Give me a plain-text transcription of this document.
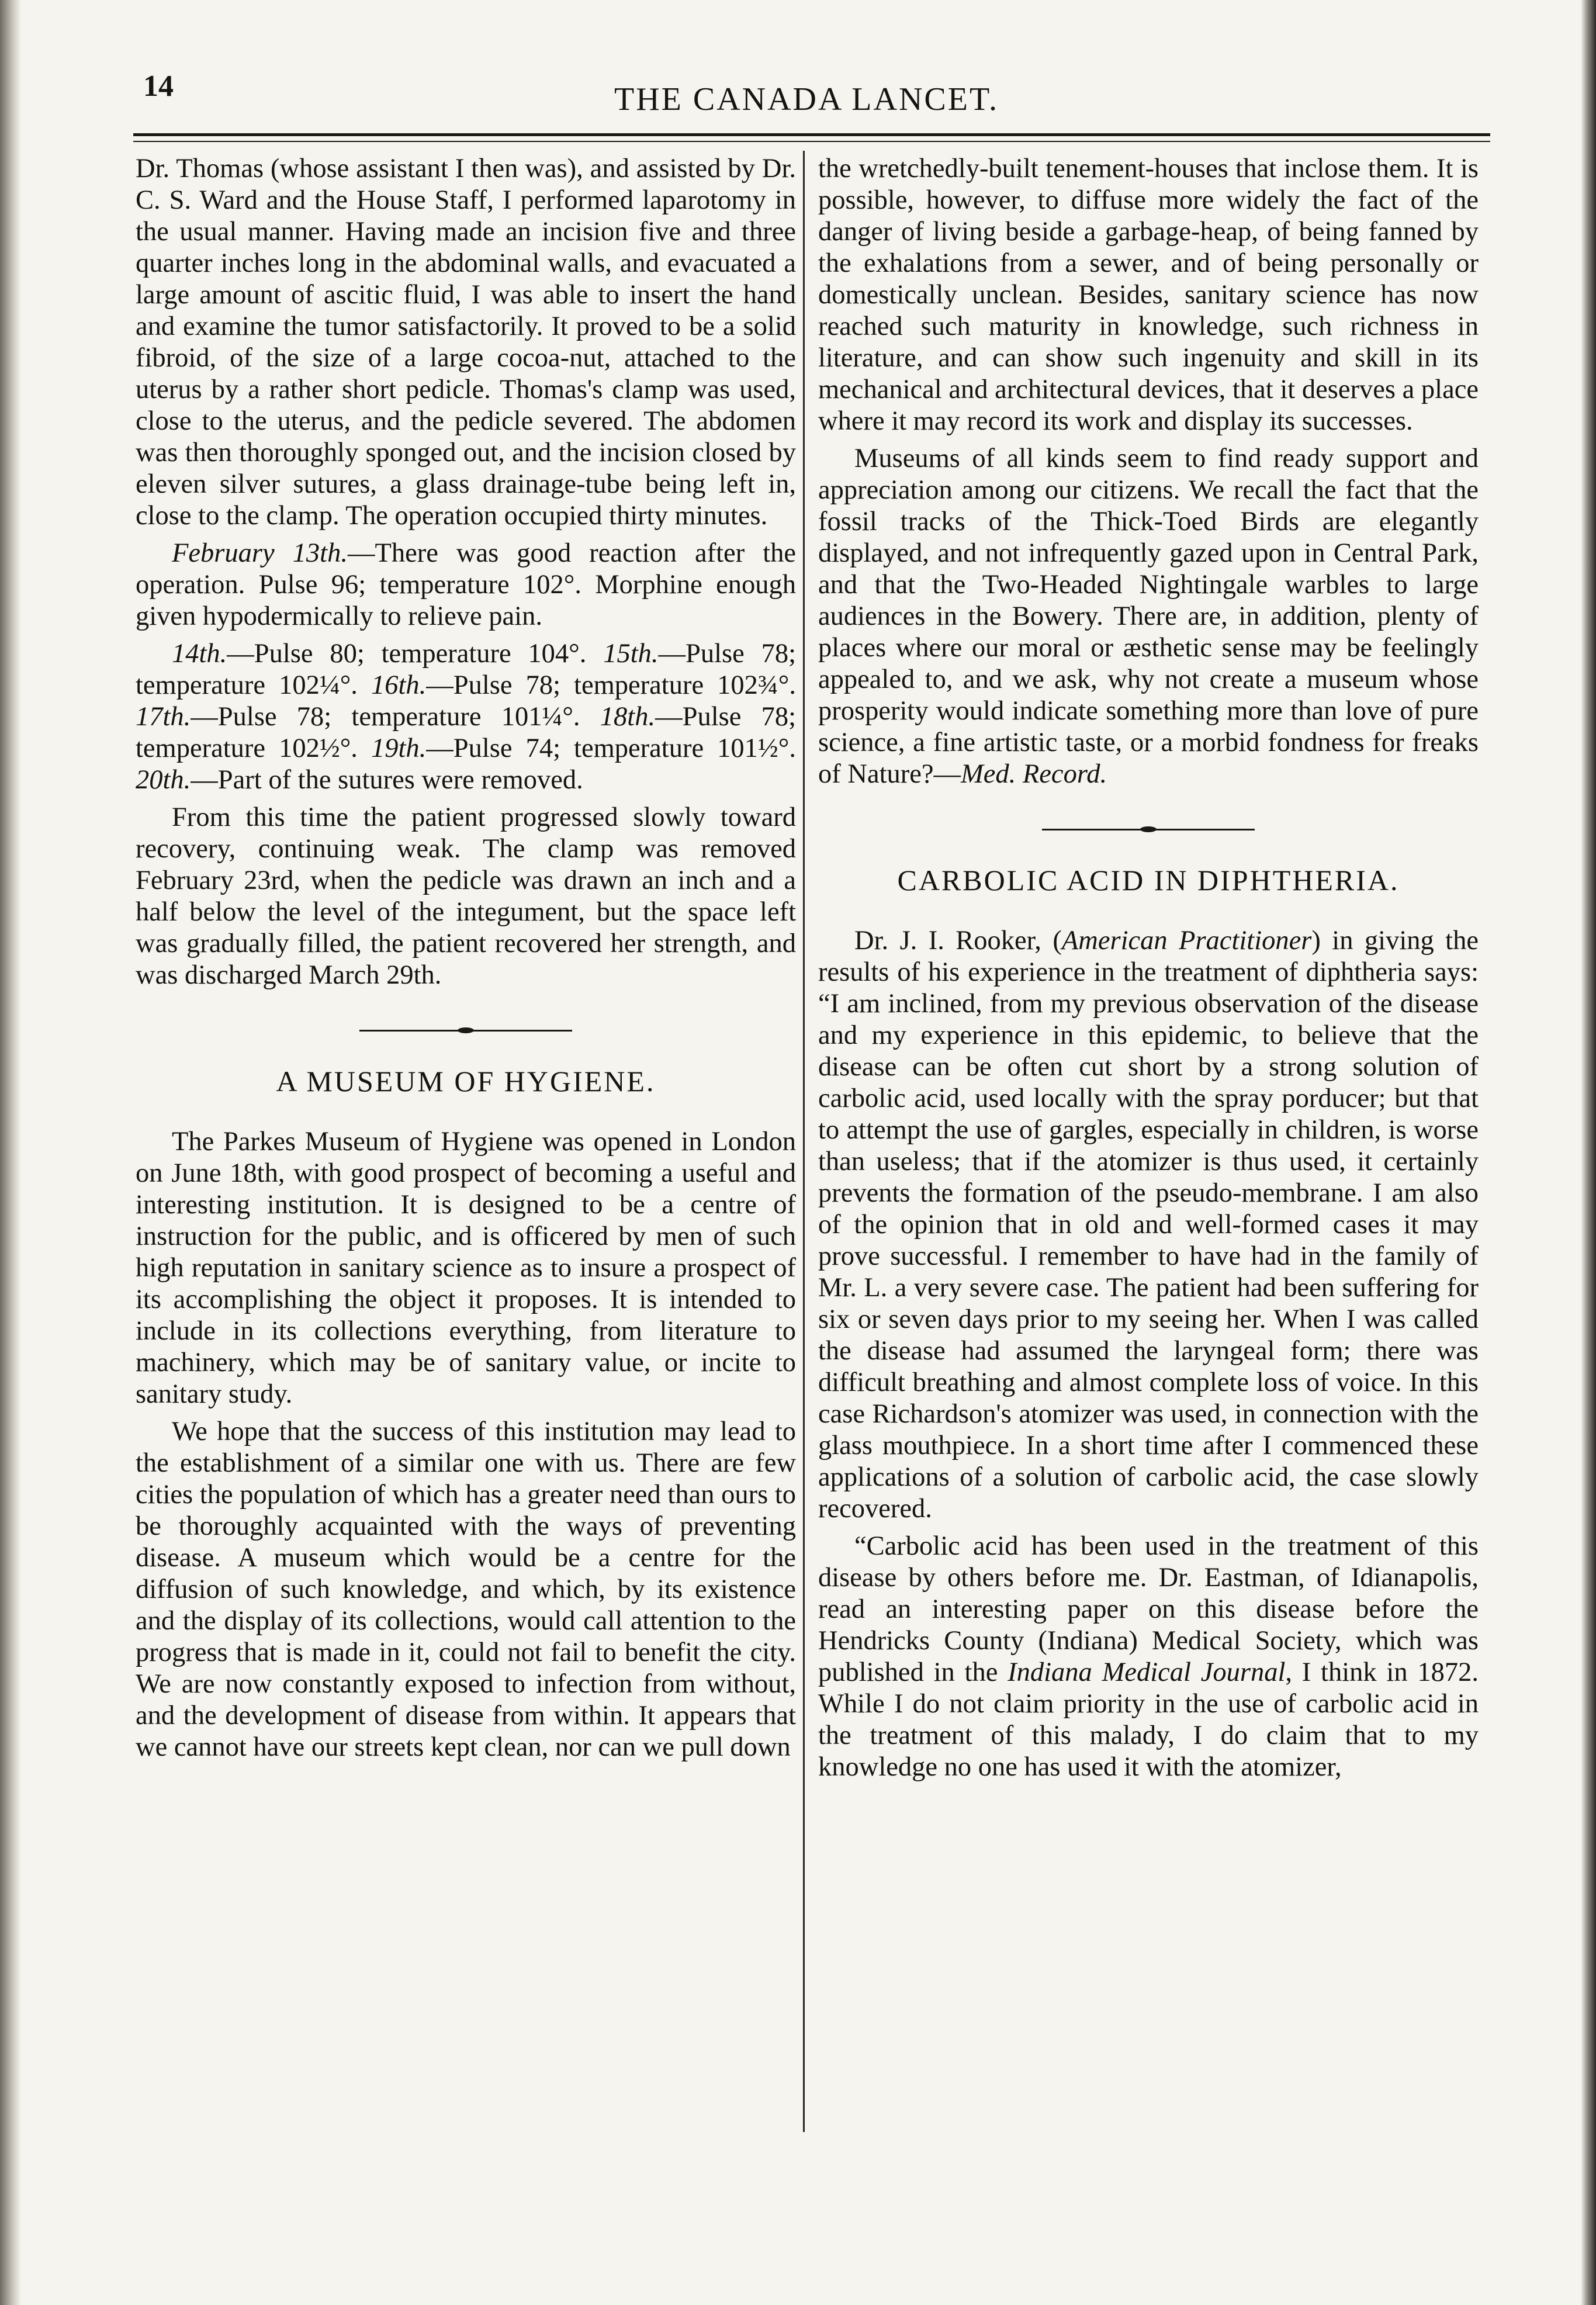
14	THE CANADA LANCET.

Dr. Thomas (whose assistant I then was), and assisted by Dr. C. S. Ward and the House Staff, I performed laparotomy in the usual manner. Having made an incision five and three quarter inches long in the abdominal walls, and evacuated a large amount of ascitic fluid, I was able to insert the hand and examine the tumor satisfactorily. It proved to be a solid fibroid, of the size of a large cocoa-nut, attached to the uterus by a rather short pedicle. Thomas's clamp was used, close to the uterus, and the pedicle severed. The abdomen was then thoroughly sponged out, and the incision closed by eleven silver sutures, a glass drainage-tube being left in, close to the clamp. The operation occupied thirty minutes.

February 13th.—There was good reaction after the operation. Pulse 96; temperature 102°. Morphine enough given hypodermically to relieve pain.

14th.—Pulse 80; temperature 104°. 15th.—Pulse 78; temperature 102¼°. 16th.—Pulse 78; temperature 102¾°. 17th.—Pulse 78; temperature 101¼°. 18th.—Pulse 78; temperature 102½°. 19th.—Pulse 74; temperature 101½°. 20th.—Part of the sutures were removed.

From this time the patient progressed slowly toward recovery, continuing weak. The clamp was removed February 23rd, when the pedicle was drawn an inch and a half below the level of the integument, but the space left was gradually filled, the patient recovered her strength, and was discharged March 29th.

A MUSEUM OF HYGIENE.

The Parkes Museum of Hygiene was opened in London on June 18th, with good prospect of becoming a useful and interesting institution. It is designed to be a centre of instruction for the public, and is officered by men of such high reputation in sanitary science as to insure a prospect of its accomplishing the object it proposes. It is intended to include in its collections everything, from literature to machinery, which may be of sanitary value, or incite to sanitary study.

We hope that the success of this institution may lead to the establishment of a similar one with us. There are few cities the population of which has a greater need than ours to be thoroughly acquainted with the ways of preventing disease. A museum which would be a centre for the diffusion of such knowledge, and which, by its existence and the display of its collections, would call attention to the progress that is made in it, could not fail to benefit the city. We are now constantly exposed to infection from without, and the development of disease from within. It appears that we cannot have our streets kept clean, nor can we pull down

the wretchedly-built tenement-houses that inclose them. It is possible, however, to diffuse more widely the fact of the danger of living beside a garbage-heap, of being fanned by the exhalations from a sewer, and of being personally or domestically unclean. Besides, sanitary science has now reached such maturity in knowledge, such richness in literature, and can show such ingenuity and skill in its mechanical and architectural devices, that it deserves a place where it may record its work and display its successes.

Museums of all kinds seem to find ready support and appreciation among our citizens. We recall the fact that the fossil tracks of the Thick-Toed Birds are elegantly displayed, and not infrequently gazed upon in Central Park, and that the Two-Headed Nightingale warbles to large audiences in the Bowery. There are, in addition, plenty of places where our moral or æsthetic sense may be feelingly appealed to, and we ask, why not create a museum whose prosperity would indicate something more than love of pure science, a fine artistic taste, or a morbid fondness for freaks of Nature?—Med. Record.

CARBOLIC ACID IN DIPHTHERIA.

Dr. J. I. Rooker, (American Practitioner) in giving the results of his experience in the treatment of diphtheria says: “I am inclined, from my previous observation of the disease and my experience in this epidemic, to believe that the disease can be often cut short by a strong solution of carbolic acid, used locally with the spray porducer; but that to attempt the use of gargles, especially in children, is worse than useless; that if the atomizer is thus used, it certainly prevents the formation of the pseudo-membrane. I am also of the opinion that in old and well-formed cases it may prove successful. I remember to have had in the family of Mr. L. a very severe case. The patient had been suffering for six or seven days prior to my seeing her. When I was called the disease had assumed the laryngeal form; there was difficult breathing and almost complete loss of voice. In this case Richardson's atomizer was used, in connection with the glass mouthpiece. In a short time after I commenced these applications of a solution of carbolic acid, the case slowly recovered.

“Carbolic acid has been used in the treatment of this disease by others before me. Dr. Eastman, of Idianapolis, read an interesting paper on this disease before the Hendricks County (Indiana) Medical Society, which was published in the Indiana Medical Journal, I think in 1872. While I do not claim priority in the use of carbolic acid in the treatment of this malady, I do claim that to my knowledge no one has used it with the atomizer,
